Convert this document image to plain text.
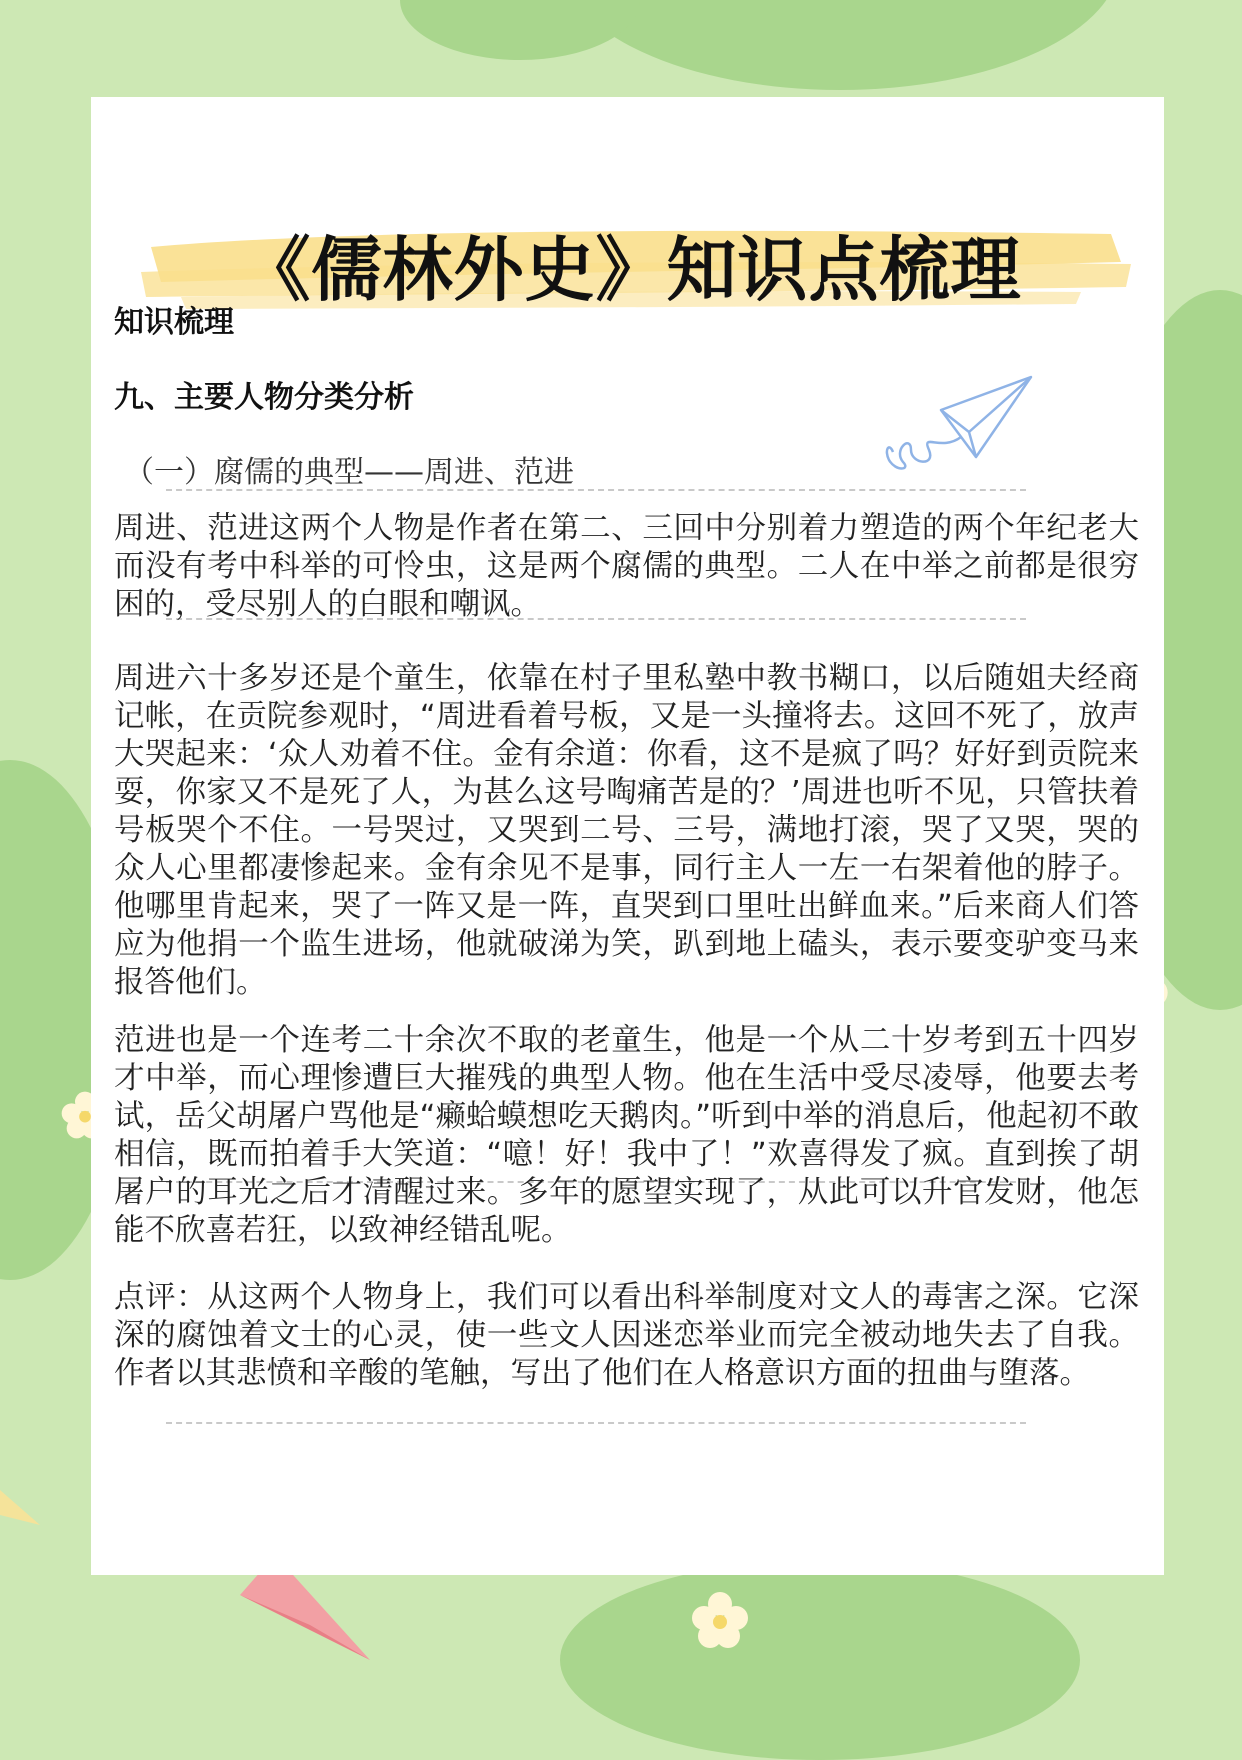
《儒林外史》知识点梳理
知识梳理
九、主要人物分类分析
（一）腐儒的典型——周进、范进

周进、范进这两个人物是作者在第二、三回中分别着力塑造的两个年纪老大而没有考中科举的可怜虫，这是两个腐儒的典型。二人在中举之前都是很穷困的，受尽别人的白眼和嘲讽。

周进六十多岁还是个童生，依靠在村子里私塾中教书糊口，以后随姐夫经商记帐，在贡院参观时，“周进看着号板，又是一头撞将去。这回不死了，放声大哭起来：‘众人劝着不住。金有余道：你看，这不是疯了吗？好好到贡院来耍，你家又不是死了人，为甚么这号啕痛苦是的？’周进也听不见，只管扶着号板哭个不住。一号哭过，又哭到二号、三号，满地打滚，哭了又哭，哭的众人心里都凄惨起来。金有余见不是事，同行主人一左一右架着他的脖子。他哪里肯起来，哭了一阵又是一阵，直哭到口里吐出鲜血来。”后来商人们答应为他捐一个监生进场，他就破涕为笑，趴到地上磕头，表示要变驴变马来报答他们。

范进也是一个连考二十余次不取的老童生，他是一个从二十岁考到五十四岁才中举，而心理惨遭巨大摧残的典型人物。他在生活中受尽凌辱，他要去考试，岳父胡屠户骂他是“癞蛤蟆想吃天鹅肉。”听到中举的消息后，他起初不敢相信，既而拍着手大笑道：“噫！好！我中了！”欢喜得发了疯。直到挨了胡屠户的耳光之后才清醒过来。多年的愿望实现了，从此可以升官发财，他怎能不欣喜若狂，以致神经错乱呢。

点评：从这两个人物身上，我们可以看出科举制度对文人的毒害之深。它深深的腐蚀着文士的心灵，使一些文人因迷恋举业而完全被动地失去了自我。作者以其悲愤和辛酸的笔触，写出了他们在人格意识方面的扭曲与堕落。
